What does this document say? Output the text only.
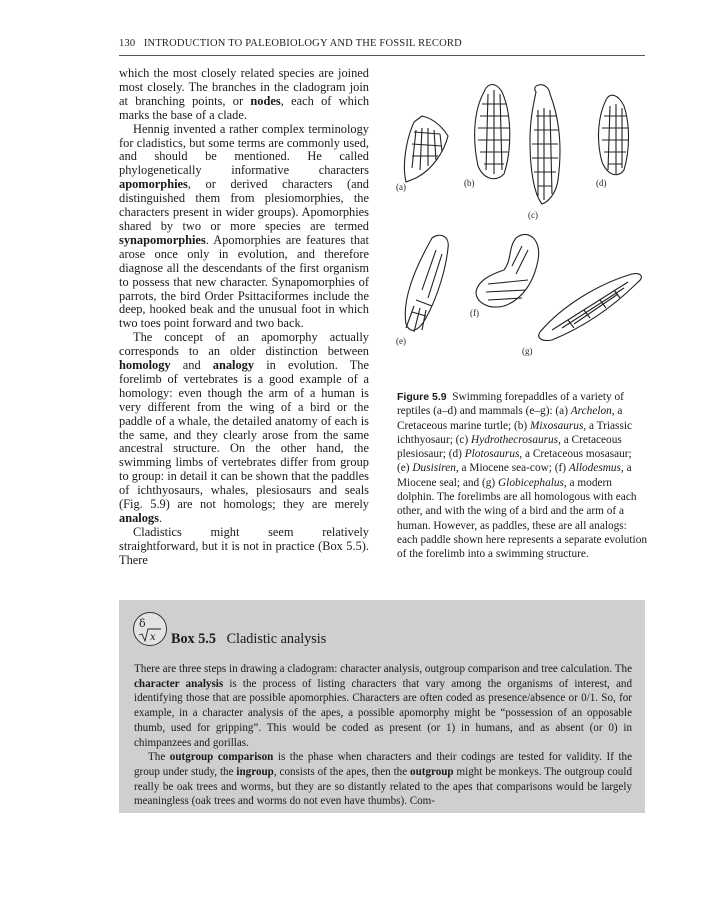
130 INTRODUCTION TO PALEOBIOLOGY AND THE FOSSIL RECORD

which the most closely related species are joined most closely. The branches in the cladogram join at branching points, or nodes, each of which marks the base of a clade.

Hennig invented a rather complex terminology for cladistics, but some terms are commonly used, and should be mentioned. He called phylogenetically informative characters apomorphies, or derived characters (and distinguished them from plesiomorphies, the characters present in wider groups). Apomorphies shared by two or more species are termed synapomorphies. Apomorphies are features that arose once only in evolution, and therefore diagnose all the descendants of the first organism to possess that new character. Synapomorphies of parrots, the bird Order Psittaciformes include the deep, hooked beak and the unusual foot in which two toes point forward and two back.

The concept of an apomorphy actually corresponds to an older distinction between homology and analogy in evolution. The forelimb of vertebrates is a good example of a homology: even though the arm of a human is very different from the wing of a bird or the paddle of a whale, the detailed anatomy of each is the same, and they clearly arose from the same ancestral structure. On the other hand, the swimming limbs of vertebrates differ from group to group: in detail it can be shown that the paddles of ichthyosaurs, whales, plesiosaurs and seals (Fig. 5.9) are not homologs; they are merely analogs.

Cladistics might seem relatively straightforward, but it is not in practice (Box 5.5). There

(a)	(b)
(c)
(d)
(e)
(f)
(g)
Figure 5.9 Swimming forepaddles of a variety of reptiles (a–d) and mammals (e–g): (a) Archelon, a Cretaceous marine turtle; (b) Mixosaurus, a Triassic ichthyosaur; (c) Hydrothecrosaurus, a Cretaceous plesiosaur; (d) Plotosaurus, a Cretaceous mosasaur; (e) Dusisiren, a Miocene sea-cow; (f) Allodesmus, a Miocene seal; and (g) Globicephalus, a modern dolphin. The forelimbs are all homologous with each other, and with the wing of a bird and the arm of a human. However, as paddles, these are all analogs: each paddle shown here represents a separate evolution of the forelimb into a swimming structure.
δ
x Box 5.5 Cladistic analysis

There are three steps in drawing a cladogram: character analysis, outgroup comparison and tree calculation. The character analysis is the process of listing characters that vary among the organisms of interest, and identifying those that are possible apomorphies. Characters are often coded as presence/absence or 0/1. So, for example, in a character analysis of the apes, a possible apomorphy might be “possession of an opposable thumb, used for gripping”. This would be coded as present (or 1) in humans, and as absent (or 0) in chimpanzees and gorillas.

The outgroup comparison is the phase when characters and their codings are tested for validity. If the group under study, the ingroup, consists of the apes, then the outgroup might be monkeys. The outgroup could really be oak trees and worms, but they are so distantly related to the apes that comparisons would be largely meaningless (oak trees and worms do not even have thumbs). Com-
